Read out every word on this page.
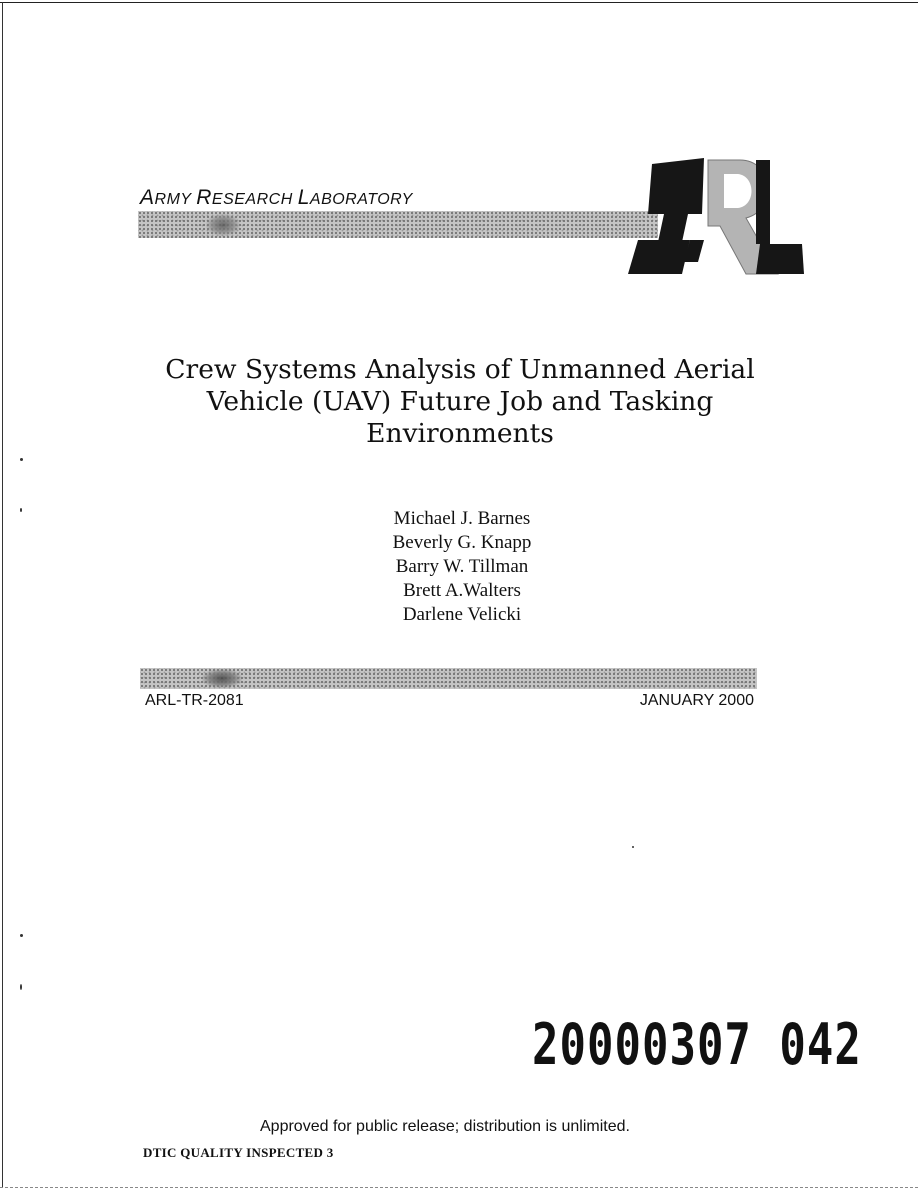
ARMY RESEARCH LABORATORY
Crew Systems Analysis of Unmanned Aerial
Vehicle (UAV) Future Job and Tasking
Environments
Michael J. Barnes
Beverly G. Knapp
Barry W. Tillman
Brett A.Walters
Darlene Velicki
ARL-TR-2081	JANUARY 2000
20000307 042
Approved for public release; distribution is unlimited.
DTIC QUALITY INSPECTED 3
